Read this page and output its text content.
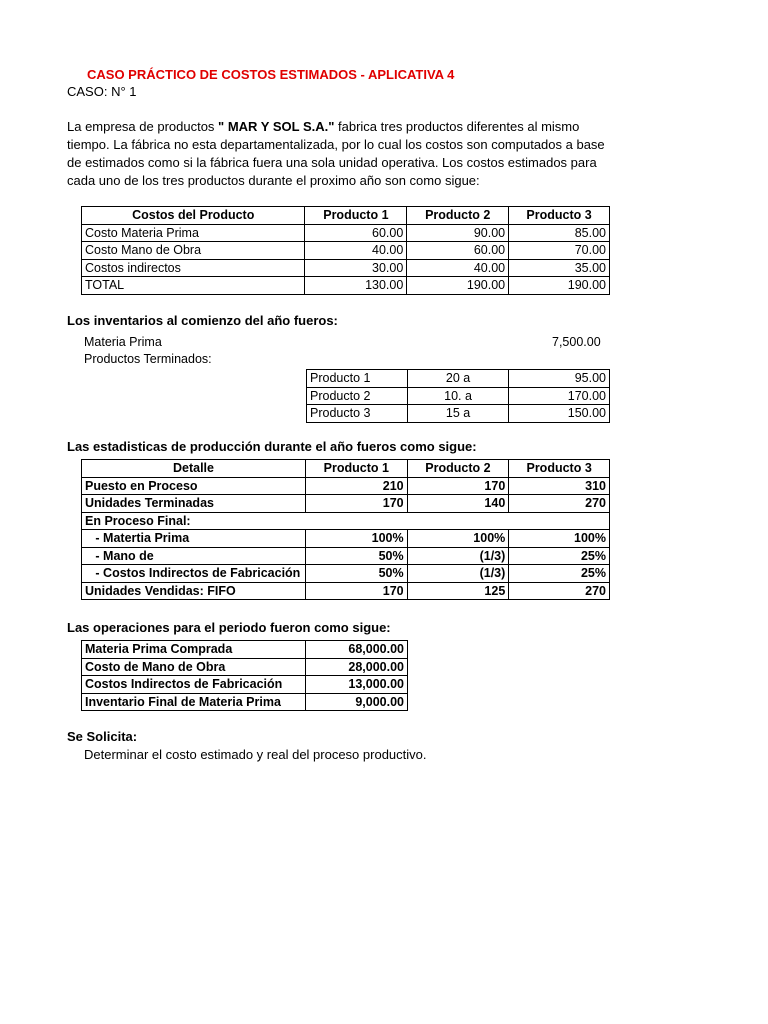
CASO PRÁCTICO DE COSTOS ESTIMADOS - APLICATIVA 4
CASO: N° 1
La empresa de productos " MAR Y SOL S.A." fabrica tres productos diferentes al mismo tiempo. La fábrica no esta departamentalizada, por lo cual los costos son computados a base de estimados como si la fábrica fuera una sola unidad operativa. Los costos estimados para cada uno de los tres productos durante el proximo año son como sigue:
Costos del Producto	Producto 1	Producto 2	Producto 3
Costo Materia Prima	60.00	90.00	85.00
Costo Mano de Obra	40.00	60.00	70.00
Costos indirectos	30.00	40.00	35.00
TOTAL	130.00	190.00	190.00
Los inventarios al comienzo del año fueros:
Materia Prima	7,500.00
Productos Terminados:
Producto 1	20 a	95.00
Producto 2	10. a	170.00
Producto 3	15 a	150.00
Las estadisticas de producción durante el año fueros como sigue:
Detalle	Producto 1	Producto 2	Producto 3
Puesto en Proceso	210	170	310
Unidades Terminadas	170	140	270
En Proceso Final:			
- Matertia Prima	100%	100%	100%
- Mano de	50%	(1/3)	25%
- Costos Indirectos de Fabricación	50%	(1/3)	25%
Unidades Vendidas: FIFO	170	125	270
Las operaciones para el periodo fueron como sigue:
Materia Prima Comprada	68,000.00
Costo de Mano de Obra	28,000.00
Costos Indirectos de Fabricación	13,000.00
Inventario Final de Materia Prima	9,000.00
Se Solicita:
Determinar el costo estimado y real del proceso productivo.
